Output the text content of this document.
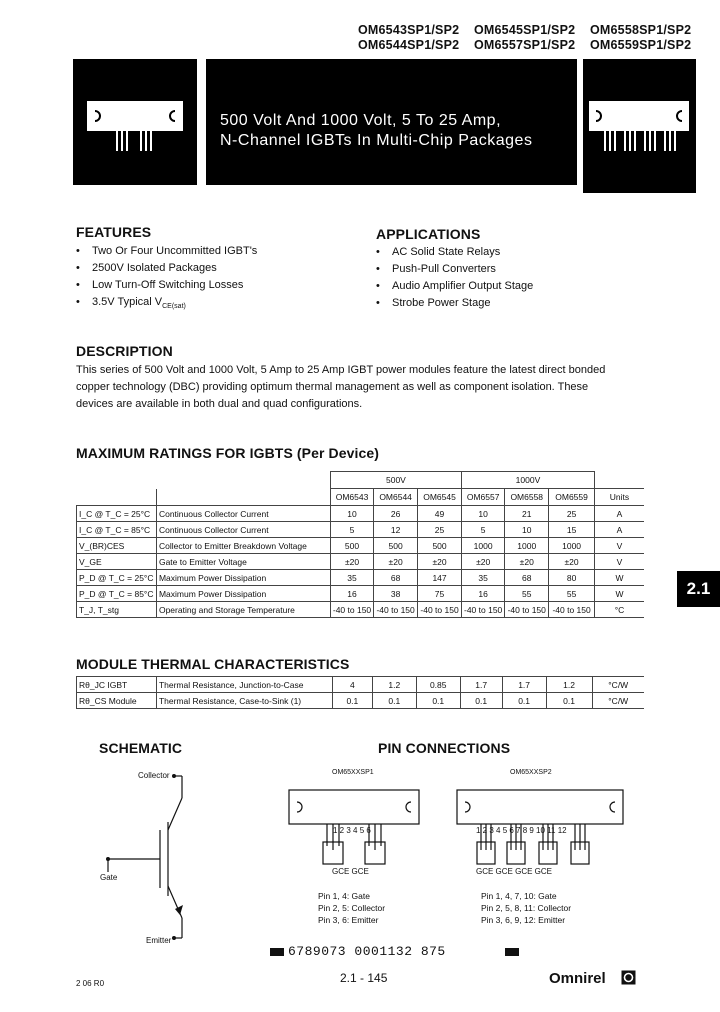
OM6543SP1/SP2 OM6545SP1/SP2 OM6558SP1/SP2
OM6544SP1/SP2 OM6557SP1/SP2 OM6559SP1/SP2
500 Volt And 1000 Volt, 5 To 25 Amp,
N-Channel IGBTs In Multi-Chip Packages
FEATURES
• Two Or Four Uncommitted IGBT's
• 2500V Isolated Packages
• Low Turn-Off Switching Losses
• 3.5V Typical $V_{CE(sat)}$
APPLICATIONS
• AC Solid State Relays
• Push-Pull Converters
• Audio Amplifier Output Stage
• Strobe Power Stage
DESCRIPTION
This series of 500 Volt and 1000 Volt, 5 Amp to 25 Amp IGBT power modules feature the latest direct bonded
copper technology (DBC) providing optimum thermal management as well as component isolation. These
devices are available in both dual and quad configurations.
MAXIMUM RATINGS FOR IGBTS (Per Device)
		500V			1000V			
		OM6543	OM6544	OM6545	OM6557	OM6558	OM6559	Units
I_C @ T_C = 25°C	Continuous Collector Current	10	26	49	10	21	25	A
I_C @ T_C = 85°C	Continuous Collector Current	5	12	25	5	10	15	A
V_(BR)CES	Collector to Emitter Breakdown Voltage	500	500	500	1000	1000	1000	V
V_GE	Gate to Emitter Voltage	±20	±20	±20	±20	±20	±20	V
P_D @ T_C = 25°C	Maximum Power Dissipation	35	68	147	35	68	80	W
P_D @ T_C = 85°C	Maximum Power Dissipation	16	38	75	16	55	55	W
T_J, T_stg	Operating and Storage Temperature	-40 to 150	-40 to 150	-40 to 150	-40 to 150	-40 to 150	-40 to 150	°C
2.1
MODULE THERMAL CHARACTERISTICS
Rθ_JC IGBT	Thermal Resistance, Junction-to-Case	4	1.2	0.85	1.7	1.7	1.2	°C/W
Rθ_CS Module	Thermal Resistance, Case-to-Sink (1)	0.1	0.1	0.1	0.1	0.1	0.1	°C/W
SCHEMATIC
Collector
Gate
Emitter
PIN CONNECTIONS
OM65XXSP1	OM65XXSP2
1 2 3 4 5 6
GCE GCE
1 2 3 4 5 6 7 8 9 10 11 12
GCE GCE GCE GCE
Pin 1, 4: Gate
Pin 2, 5: Collector
Pin 3, 6: Emitter
Pin 1, 4, 7, 10: Gate
Pin 2, 5, 8, 11: Collector
Pin 3, 6, 9, 12: Emitter
6789073 0001132 875
2 06 R0	2.1 - 145	Omnirel
